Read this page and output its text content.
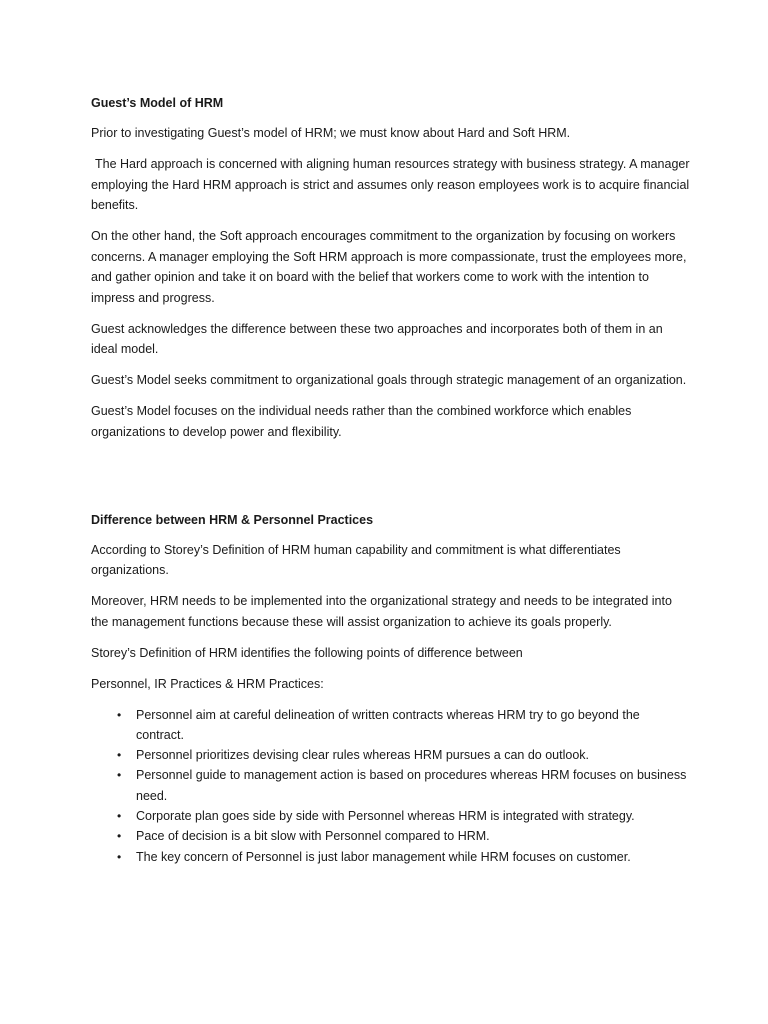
Guest’s Model of HRM

Prior to investigating Guest’s model of HRM; we must know about Hard and Soft HRM.

The Hard approach is concerned with aligning human resources strategy with business strategy. A manager employing the Hard HRM approach is strict and assumes only reason employees work is to acquire financial benefits.

On the other hand, the Soft approach encourages commitment to the organization by focusing on workers concerns. A manager employing the Soft HRM approach is more compassionate, trust the employees more, and gather opinion and take it on board with the belief that workers come to work with the intention to impress and progress.

Guest acknowledges the difference between these two approaches and incorporates both of them in an ideal model.

Guest’s Model seeks commitment to organizational goals through strategic management of an organization.

Guest’s Model focuses on the individual needs rather than the combined workforce which enables organizations to develop power and flexibility.

Difference between HRM & Personnel Practices

According to Storey’s Definition of HRM human capability and commitment is what differentiates organizations.

Moreover, HRM needs to be implemented into the organizational strategy and needs to be integrated into the management functions because these will assist organization to achieve its goals properly.

Storey’s Definition of HRM identifies the following points of difference between

Personnel, IR Practices & HRM Practices:

• Personnel aim at careful delineation of written contracts whereas HRM try to go beyond the contract.
• Personnel prioritizes devising clear rules whereas HRM pursues a can do outlook.
• Personnel guide to management action is based on procedures whereas HRM focuses on business need.
• Corporate plan goes side by side with Personnel whereas HRM is integrated with strategy.
• Pace of decision is a bit slow with Personnel compared to HRM.
• The key concern of Personnel is just labor management while HRM focuses on customer.
